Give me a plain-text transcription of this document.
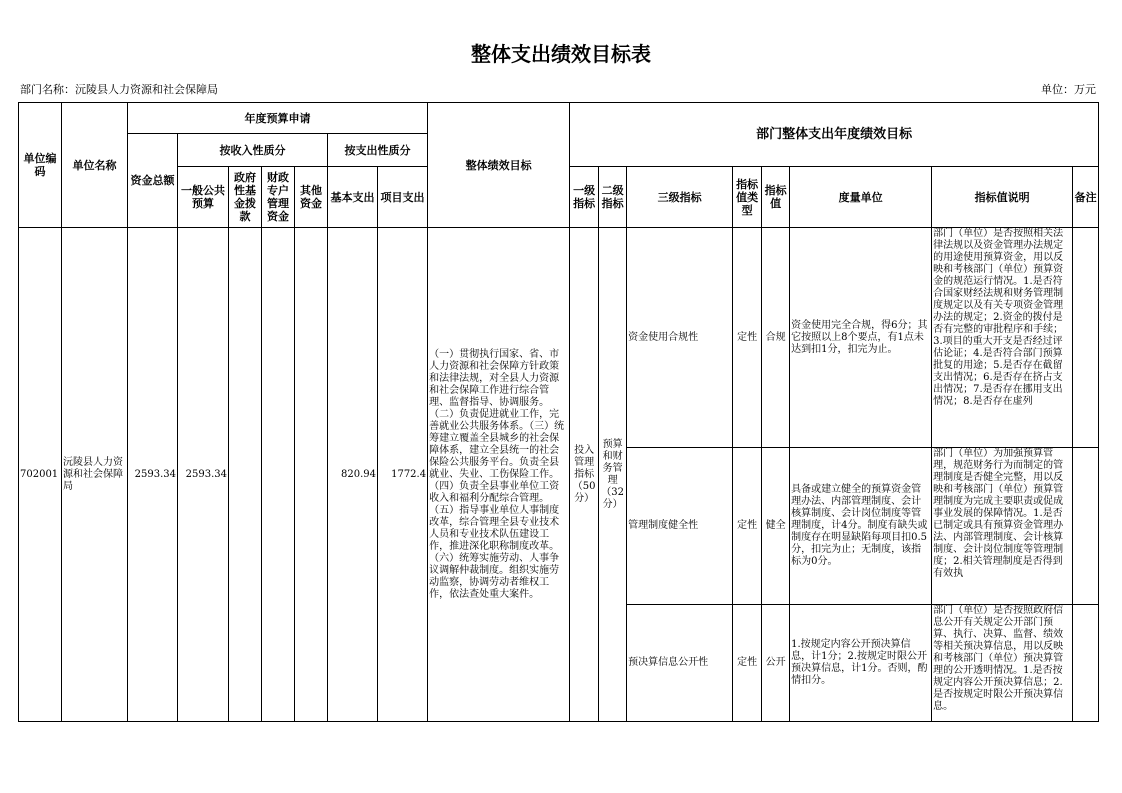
整体支出绩效目标表
部门名称：沅陵县人力资源和社会保障局	单位：万元
单位编码	单位名称	年度预算申请							整体绩效目标	部门整体支出年度绩效目标							
		资金总额	按收入性质分				按支出性质分										
			一般公共预算	政府性基金拨款	财政专户管理资金	其他资金	基本支出	项目支出		一级指标	二级指标	三级指标	指标值类型	指标值	度量单位	指标值说明	备注
702001	沅陵县人力资源和社会保障局	2593.34	2593.34				820.94	1772.4	（一）贯彻执行国家、省、市人力资源和社会保障方针政策和法律法规，对全县人力资源和社会保障工作进行综合管理、监督指导、协调服务。（二）负责促进就业工作，完善就业公共服务体系。（三）统筹建立覆盖全县城乡的社会保障体系，建立全县统一的社会保险公共服务平台。负责全县就业、失业、工伤保险工作。（四）负责全县事业单位工资收入和福利分配综合管理。（五）指导事业单位人事制度改革，综合管理全县专业技术人员和专业技术队伍建设工作，推进深化职称制度改革。（六）统筹实施劳动、人事争议调解仲裁制度。组织实施劳动监察，协调劳动者维权工作，依法查处重大案件。	投入管理指标（50分）	预算和财务管理（32分）	资金使用合规性	定性	合规	资金使用完全合规，得6分；其它按照以上8个要点，有1点未达到扣1分，扣完为止。	部门（单位）是否按照相关法律法规以及资金管理办法规定的用途使用预算资金，用以反映和考核部门（单位）预算资金的规范运行情况。1.是否符合国家财经法规和财务管理制度规定以及有关专项资金管理办法的规定；2.资金的拨付是否有完整的审批程序和手续；3.项目的重大开支是否经过评估论证；4.是否符合部门预算批复的用途；5.是否存在截留支出情况；6.是否存在挤占支出情况；7.是否存在挪用支出情况；8.是否存在虚列	

												管理制度健全性	定性	健全	具备或建立健全的预算资金管理办法、内部管理制度、会计核算制度、会计岗位制度等管理制度，计4分。制度有缺失或制度存在明显缺陷每项目扣0.5分，扣完为止；无制度，该指标为0分。	部门（单位）为加强预算管理，规范财务行为而制定的管理制度是否健全完整，用以反映和考核部门（单位）预算管理制度为完成主要职责或促成事业发展的保障情况。1.是否已制定或具有预算资金管理办法、内部管理制度、会计核算制度、会计岗位制度等管理制度；2.相关管理制度是否得到有效执	

												预决算信息公开性	定性	公开	1.按规定内容公开预决算信息，计1分；2.按规定时限公开预决算信息，计1分。否则，酌情扣分。	部门（单位）是否按照政府信息公开有关规定公开部门预算、执行、决算、监督、绩效等相关预决算信息，用以反映和考核部门（单位）预决算管理的公开透明情况。1.是否按规定内容公开预决算信息；2.是否按规定时限公开预决算信息。	
